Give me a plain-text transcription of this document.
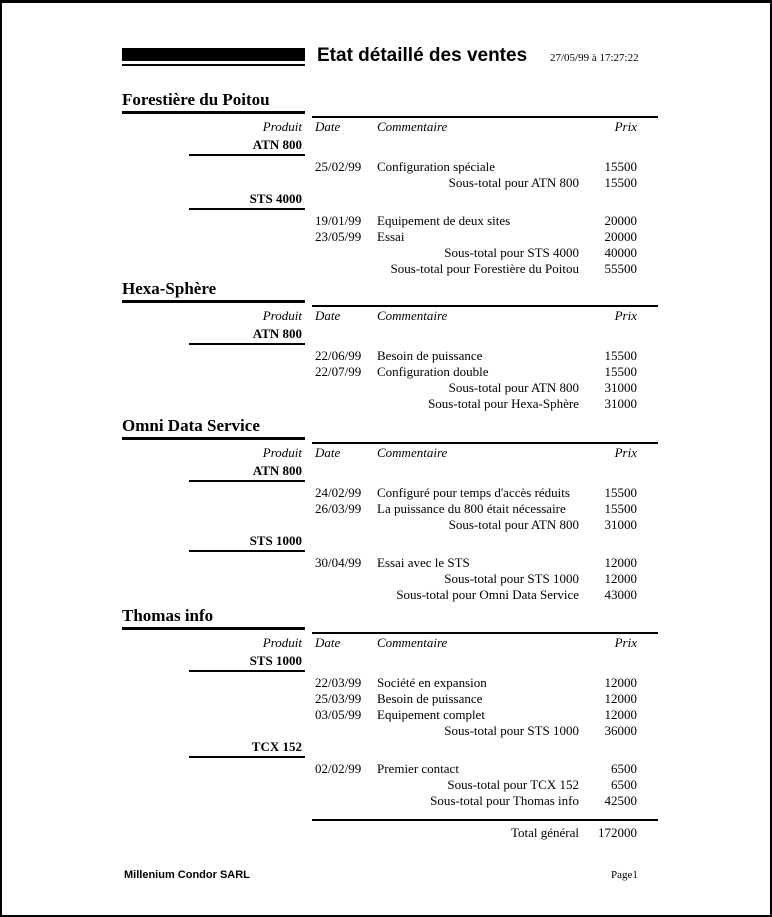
Etat détaillé des ventes 27/05/99 à 17:27:22
Forestière du Poitou
Produit Date	Commentaire	Prix
ATN 800
25/02/99 Configuration spéciale	15500
Sous-total pour ATN 800 15500
STS 4000
19/01/99 Equipement de deux sites	20000
23/05/99 Essai	20000
Sous-total pour STS 4000 40000
Sous-total pour Forestière du Poitou 55500
Hexa-Sphère
Produit Date	Commentaire	Prix
ATN 800
22/06/99 Besoin de puissance	15500
22/07/99 Configuration double	15500
Sous-total pour ATN 800 31000
Sous-total pour Hexa-Sphère 31000
Omni Data Service
Produit Date	Commentaire	Prix
ATN 800
24/02/99 Configuré pour temps d'accès réduits	15500
26/03/99 La puissance du 800 était nécessaire	15500
Sous-total pour ATN 800 31000
STS 1000
30/04/99 Essai avec le STS	12000
Sous-total pour STS 1000 12000
Sous-total pour Omni Data Service 43000
Thomas info
Produit Date	Commentaire	Prix
STS 1000
22/03/99 Société en expansion	12000
25/03/99 Besoin de puissance	12000
03/05/99 Equipement complet	12000
Sous-total pour STS 1000 36000
TCX 152
02/02/99 Premier contact	6500
Sous-total pour TCX 152 6500
Sous-total pour Thomas info 42500
Total général 172000
Millenium Condor SARL	Page1
